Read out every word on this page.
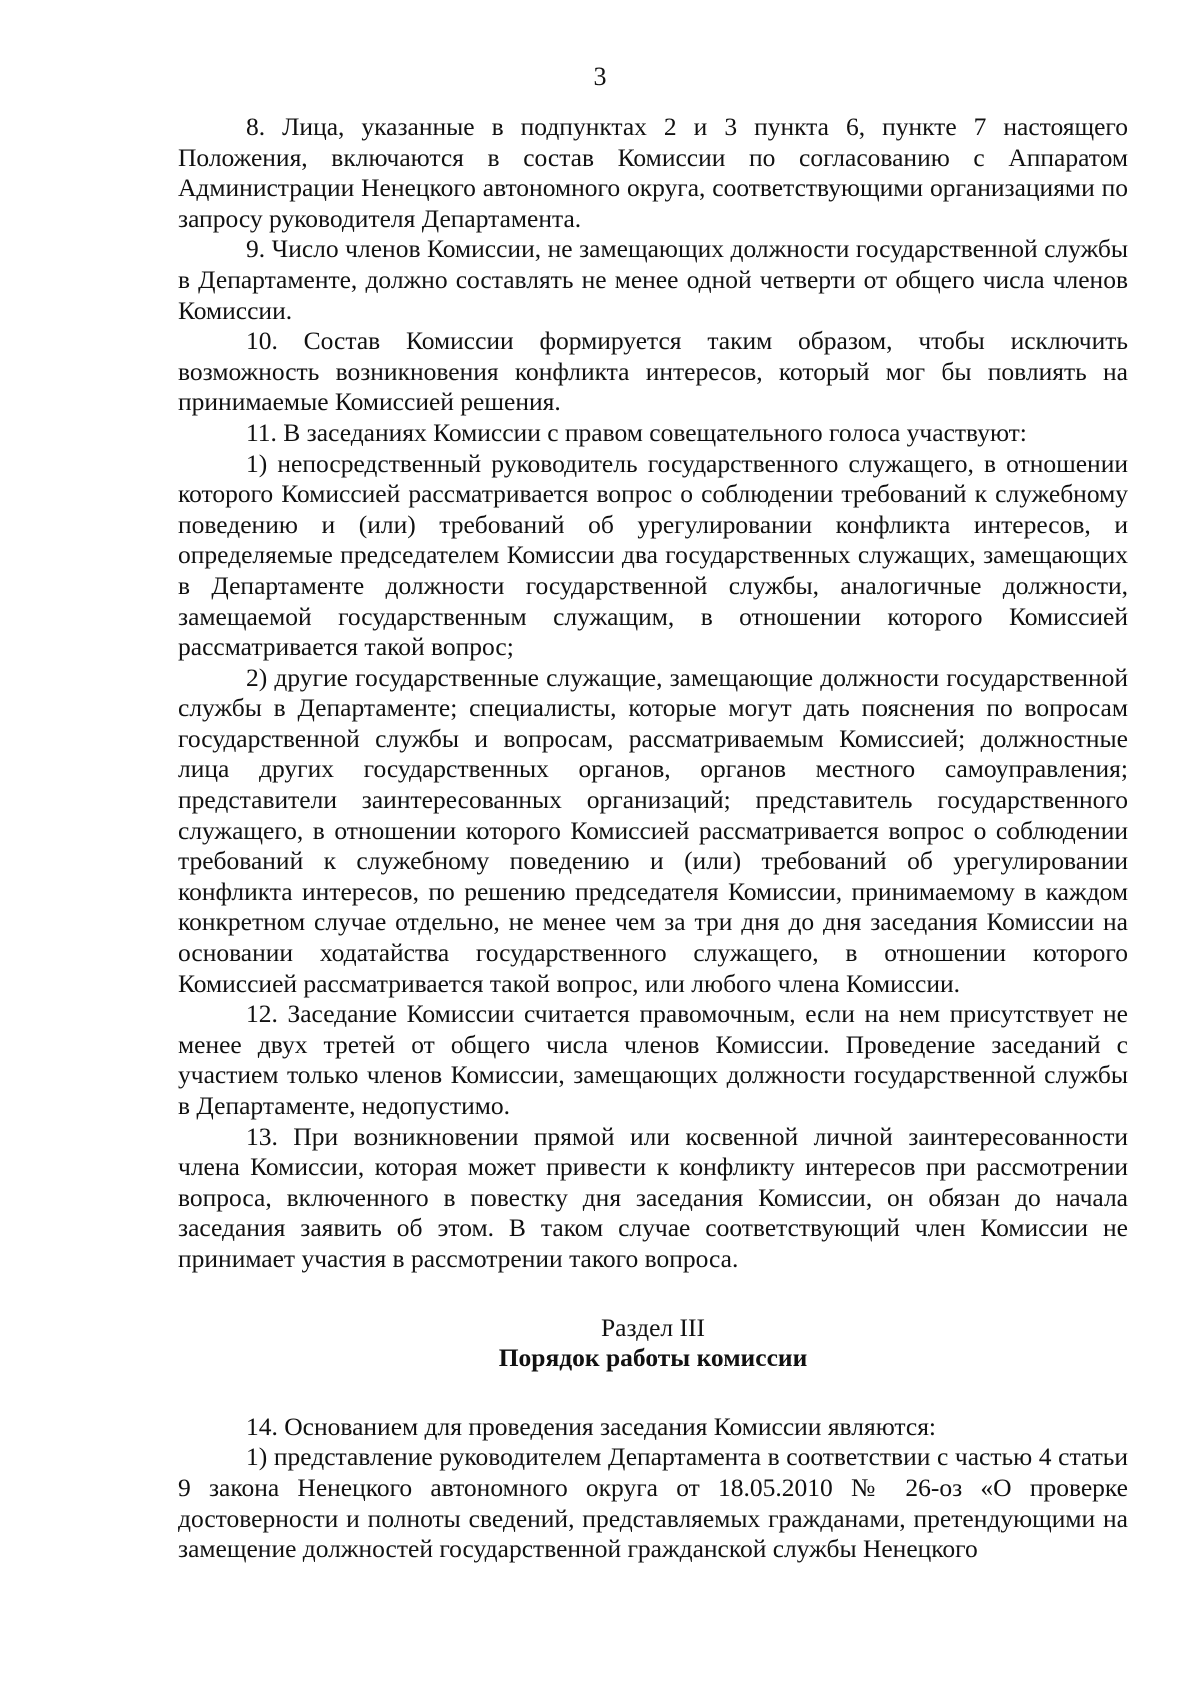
3

8. Лица, указанные в подпунктах 2 и 3 пункта 6, пункте 7 настоящего Положения, включаются в состав Комиссии по согласованию с Аппаратом Администрации Ненецкого автономного округа, соответствующими организациями по запросу руководителя Департамента.

9. Число членов Комиссии, не замещающих должности государственной службы в Департаменте, должно составлять не менее одной четверти от общего числа членов Комиссии.

10. Состав Комиссии формируется таким образом, чтобы исключить возможность возникновения конфликта интересов, который мог бы повлиять на принимаемые Комиссией решения.

11. В заседаниях Комиссии с правом совещательного голоса участвуют:

1) непосредственный руководитель государственного служащего, в отношении которого Комиссией рассматривается вопрос о соблюдении требований к служебному поведению и (или) требований об урегулировании конфликта интересов, и определяемые председателем Комиссии два государственных служащих, замещающих в Департаменте должности государственной службы, аналогичные должности, замещаемой государственным служащим, в отношении которого Комиссией рассматривается такой вопрос;

2) другие государственные служащие, замещающие должности государственной службы в Департаменте; специалисты, которые могут дать пояснения по вопросам государственной службы и вопросам, рассматриваемым Комиссией; должностные лица других государственных органов, органов местного самоуправления; представители заинтересованных организаций; представитель государственного служащего, в отношении которого Комиссией рассматривается вопрос о соблюдении требований к служебному поведению и (или) требований об урегулировании конфликта интересов, по решению председателя Комиссии, принимаемому в каждом конкретном случае отдельно, не менее чем за три дня до дня заседания Комиссии на основании ходатайства государственного служащего, в отношении которого Комиссией рассматривается такой вопрос, или любого члена Комиссии.

12. Заседание Комиссии считается правомочным, если на нем присутствует не менее двух третей от общего числа членов Комиссии. Проведение заседаний с участием только членов Комиссии, замещающих должности государственной службы в Департаменте, недопустимо.

13. При возникновении прямой или косвенной личной заинтересованности члена Комиссии, которая может привести к конфликту интересов при рассмотрении вопроса, включенного в повестку дня заседания Комиссии, он обязан до начала заседания заявить об этом. В таком случае соответствующий член Комиссии не принимает участия в рассмотрении такого вопроса.

Раздел III
Порядок работы комиссии

14. Основанием для проведения заседания Комиссии являются:

1) представление руководителем Департамента в соответствии с частью 4 статьи 9 закона Ненецкого автономного округа от 18.05.2010 № 26-оз «О проверке достоверности и полноты сведений, представляемых гражданами, претендующими на замещение должностей государственной гражданской службы Ненецкого
